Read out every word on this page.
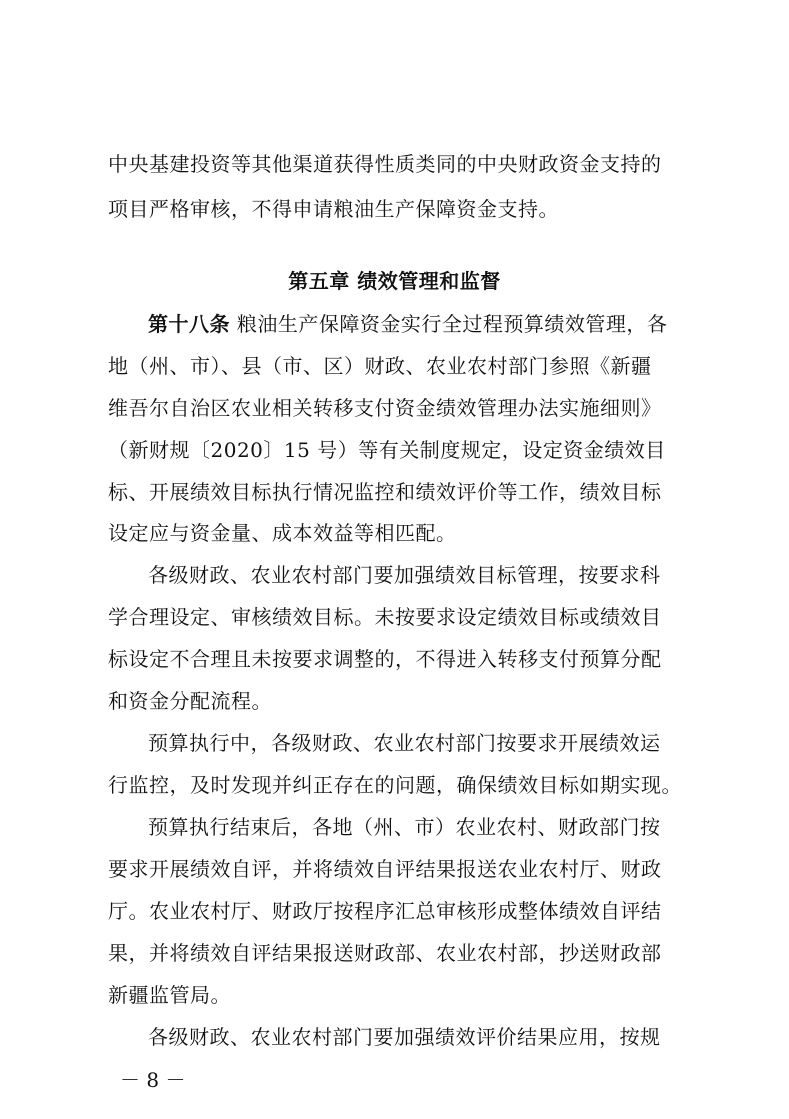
中央基建投资等其他渠道获得性质类同的中央财政资金支持的
项目严格审核，不得申请粮油生产保障资金支持。
第五章 绩效管理和监督
第十八条 粮油生产保障资金实行全过程预算绩效管理，各
地（州、市）、县（市、区）财政、农业农村部门参照《新疆
维吾尔自治区农业相关转移支付资金绩效管理办法实施细则》
（新财规〔2020〕15 号）等有关制度规定，设定资金绩效目
标、开展绩效目标执行情况监控和绩效评价等工作，绩效目标
设定应与资金量、成本效益等相匹配。
各级财政、农业农村部门要加强绩效目标管理，按要求科
学合理设定、审核绩效目标。未按要求设定绩效目标或绩效目
标设定不合理且未按要求调整的，不得进入转移支付预算分配
和资金分配流程。
预算执行中，各级财政、农业农村部门按要求开展绩效运
行监控，及时发现并纠正存在的问题，确保绩效目标如期实现。
预算执行结束后，各地（州、市）农业农村、财政部门按
要求开展绩效自评，并将绩效自评结果报送农业农村厅、财政
厅。农业农村厅、财政厅按程序汇总审核形成整体绩效自评结
果，并将绩效自评结果报送财政部、农业农村部，抄送财政部
新疆监管局。
各级财政、农业农村部门要加强绩效评价结果应用，按规
－ 8 －
